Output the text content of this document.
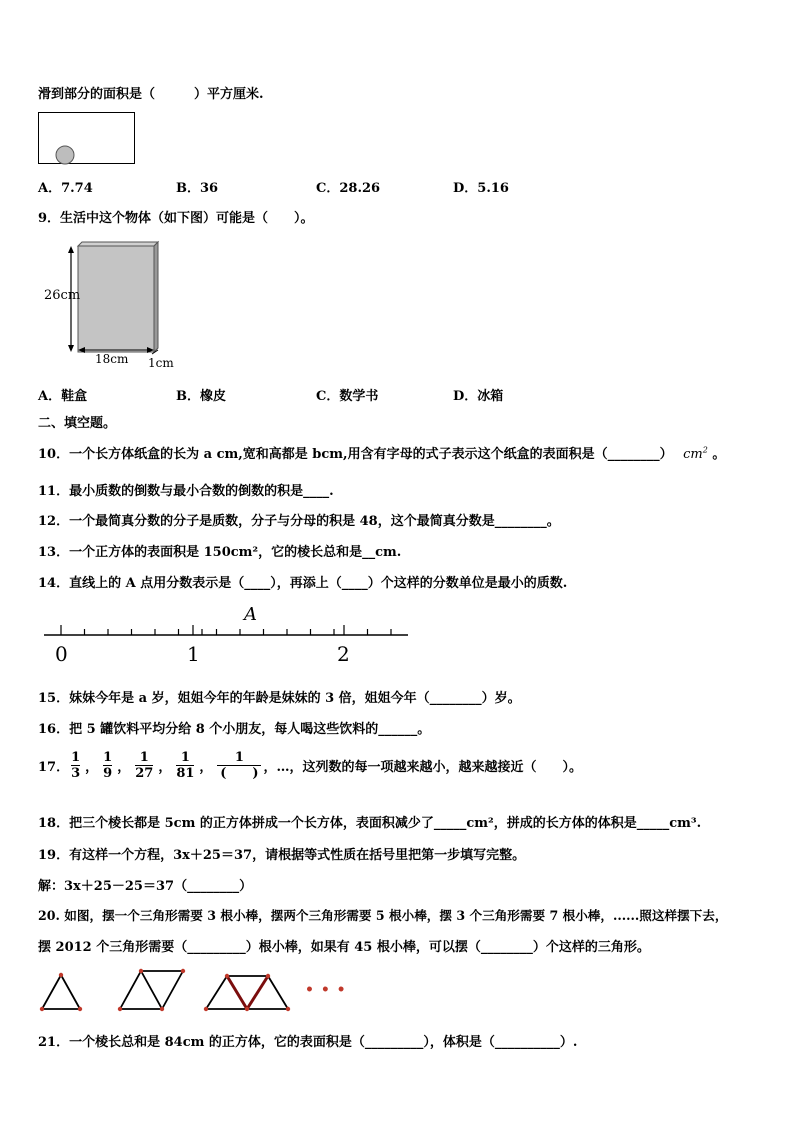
滑到部分的面积是（　　　）平方厘米.
A．7.74	B．36	C．28.26	D．5.16
9．生活中这个物体（如下图）可能是（　　）。
26cm
18cm 1cm
A．鞋盒	B．橡皮	C．数学书	D．冰箱
二、填空题。
10．一个长方体纸盒的长为 a cm,宽和高都是 bcm,用含有字母的式子表示这个纸盒的表面积是（________） $cm^2$ 。
11．最小质数的倒数与最小合数的倒数的积是____.
12．一个最简真分数的分子是质数，分子与分母的积是 48，这个最简真分数是________。
13．一个正方体的表面积是 150cm²，它的棱长总和是__cm.
14．直线上的 A 点用分数表示是（____），再添上（____）个这样的分数单位是最小的质数.
A
0	1	2
15．妹妹今年是 a 岁，姐姐今年的年龄是妹妹的 3 倍，姐姐今年（________）岁。
16．把 5 罐饮料平均分给 8 个小朋友，每人喝这些饮料的______。
17． $\frac{1}{3}$ ， $\frac{1}{9}$ ， $\frac{1}{27}$ ， $\frac{1}{81}$ ， $\frac{1}{( )}$ ，…，这列数的每一项越来越小，越来越接近（　　）。
18．把三个棱长都是 5cm 的正方体拼成一个长方体，表面积减少了_____cm²，拼成的长方体的体积是_____cm³.
19．有这样一个方程，3x＋25＝37，请根据等式性质在括号里把第一步填写完整。
解：3x＋25－25＝37（________）
20. 如图，摆一个三角形需要 3 根小棒，摆两个三角形需要 5 根小棒，摆 3 个三角形需要 7 根小棒，......照这样摆下去，
摆 2012 个三角形需要（_________）根小棒，如果有 45 根小棒，可以摆（________）个这样的三角形。
• • •
21．一个棱长总和是 84cm 的正方体，它的表面积是（_________），体积是（__________）.
